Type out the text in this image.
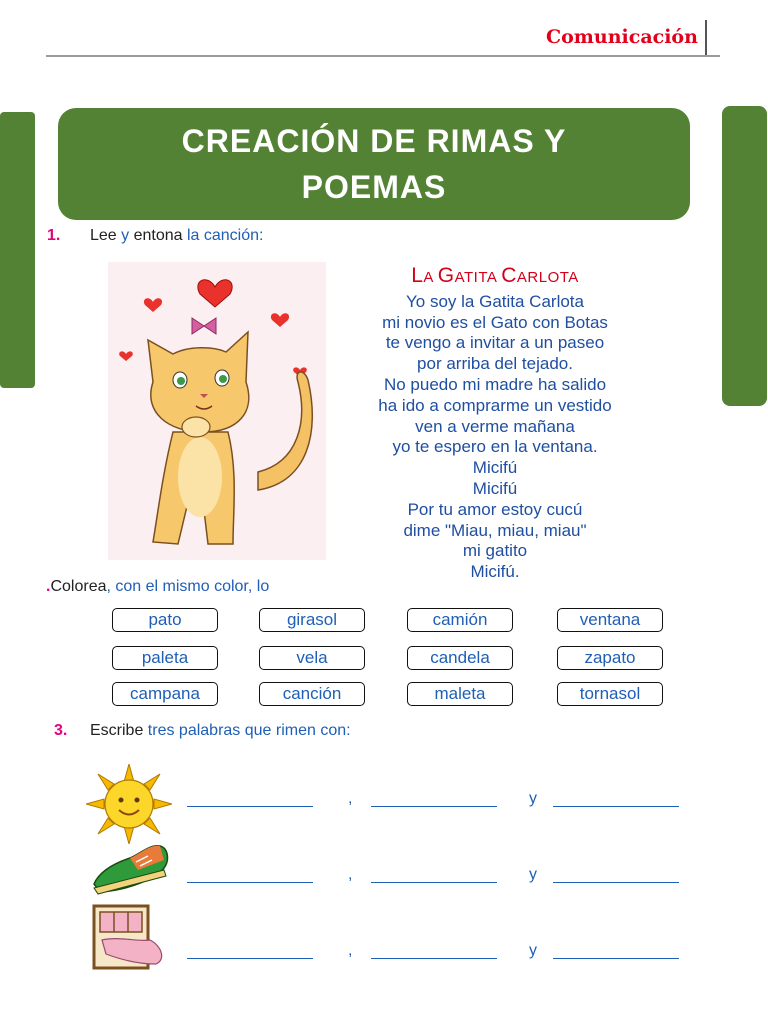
Comunicación
CREACIÓN DE RIMAS Y
POEMAS
1. Lee y entona la canción:
LA GATITA CARLOTA
Yo soy la Gatita Carlota
mi novio es el Gato con Botas
te vengo a invitar a un paseo
por arriba del tejado.
No puedo mi madre ha salido
ha ido a comprarme un vestido
ven a verme mañana
yo te espero en la ventana.
Micifú
Micifú
Por tu amor estoy cucú
dime "Miau, miau, miau"
mi gatito
Micifú.
.Colorea, con el mismo color, lo
pato	girasol	camión	ventana
paleta	vela	candela	zapato
campana	canción	maleta	tornasol
3. Escribe tres palabras que rimen con:
,	y
,	y
,	y
